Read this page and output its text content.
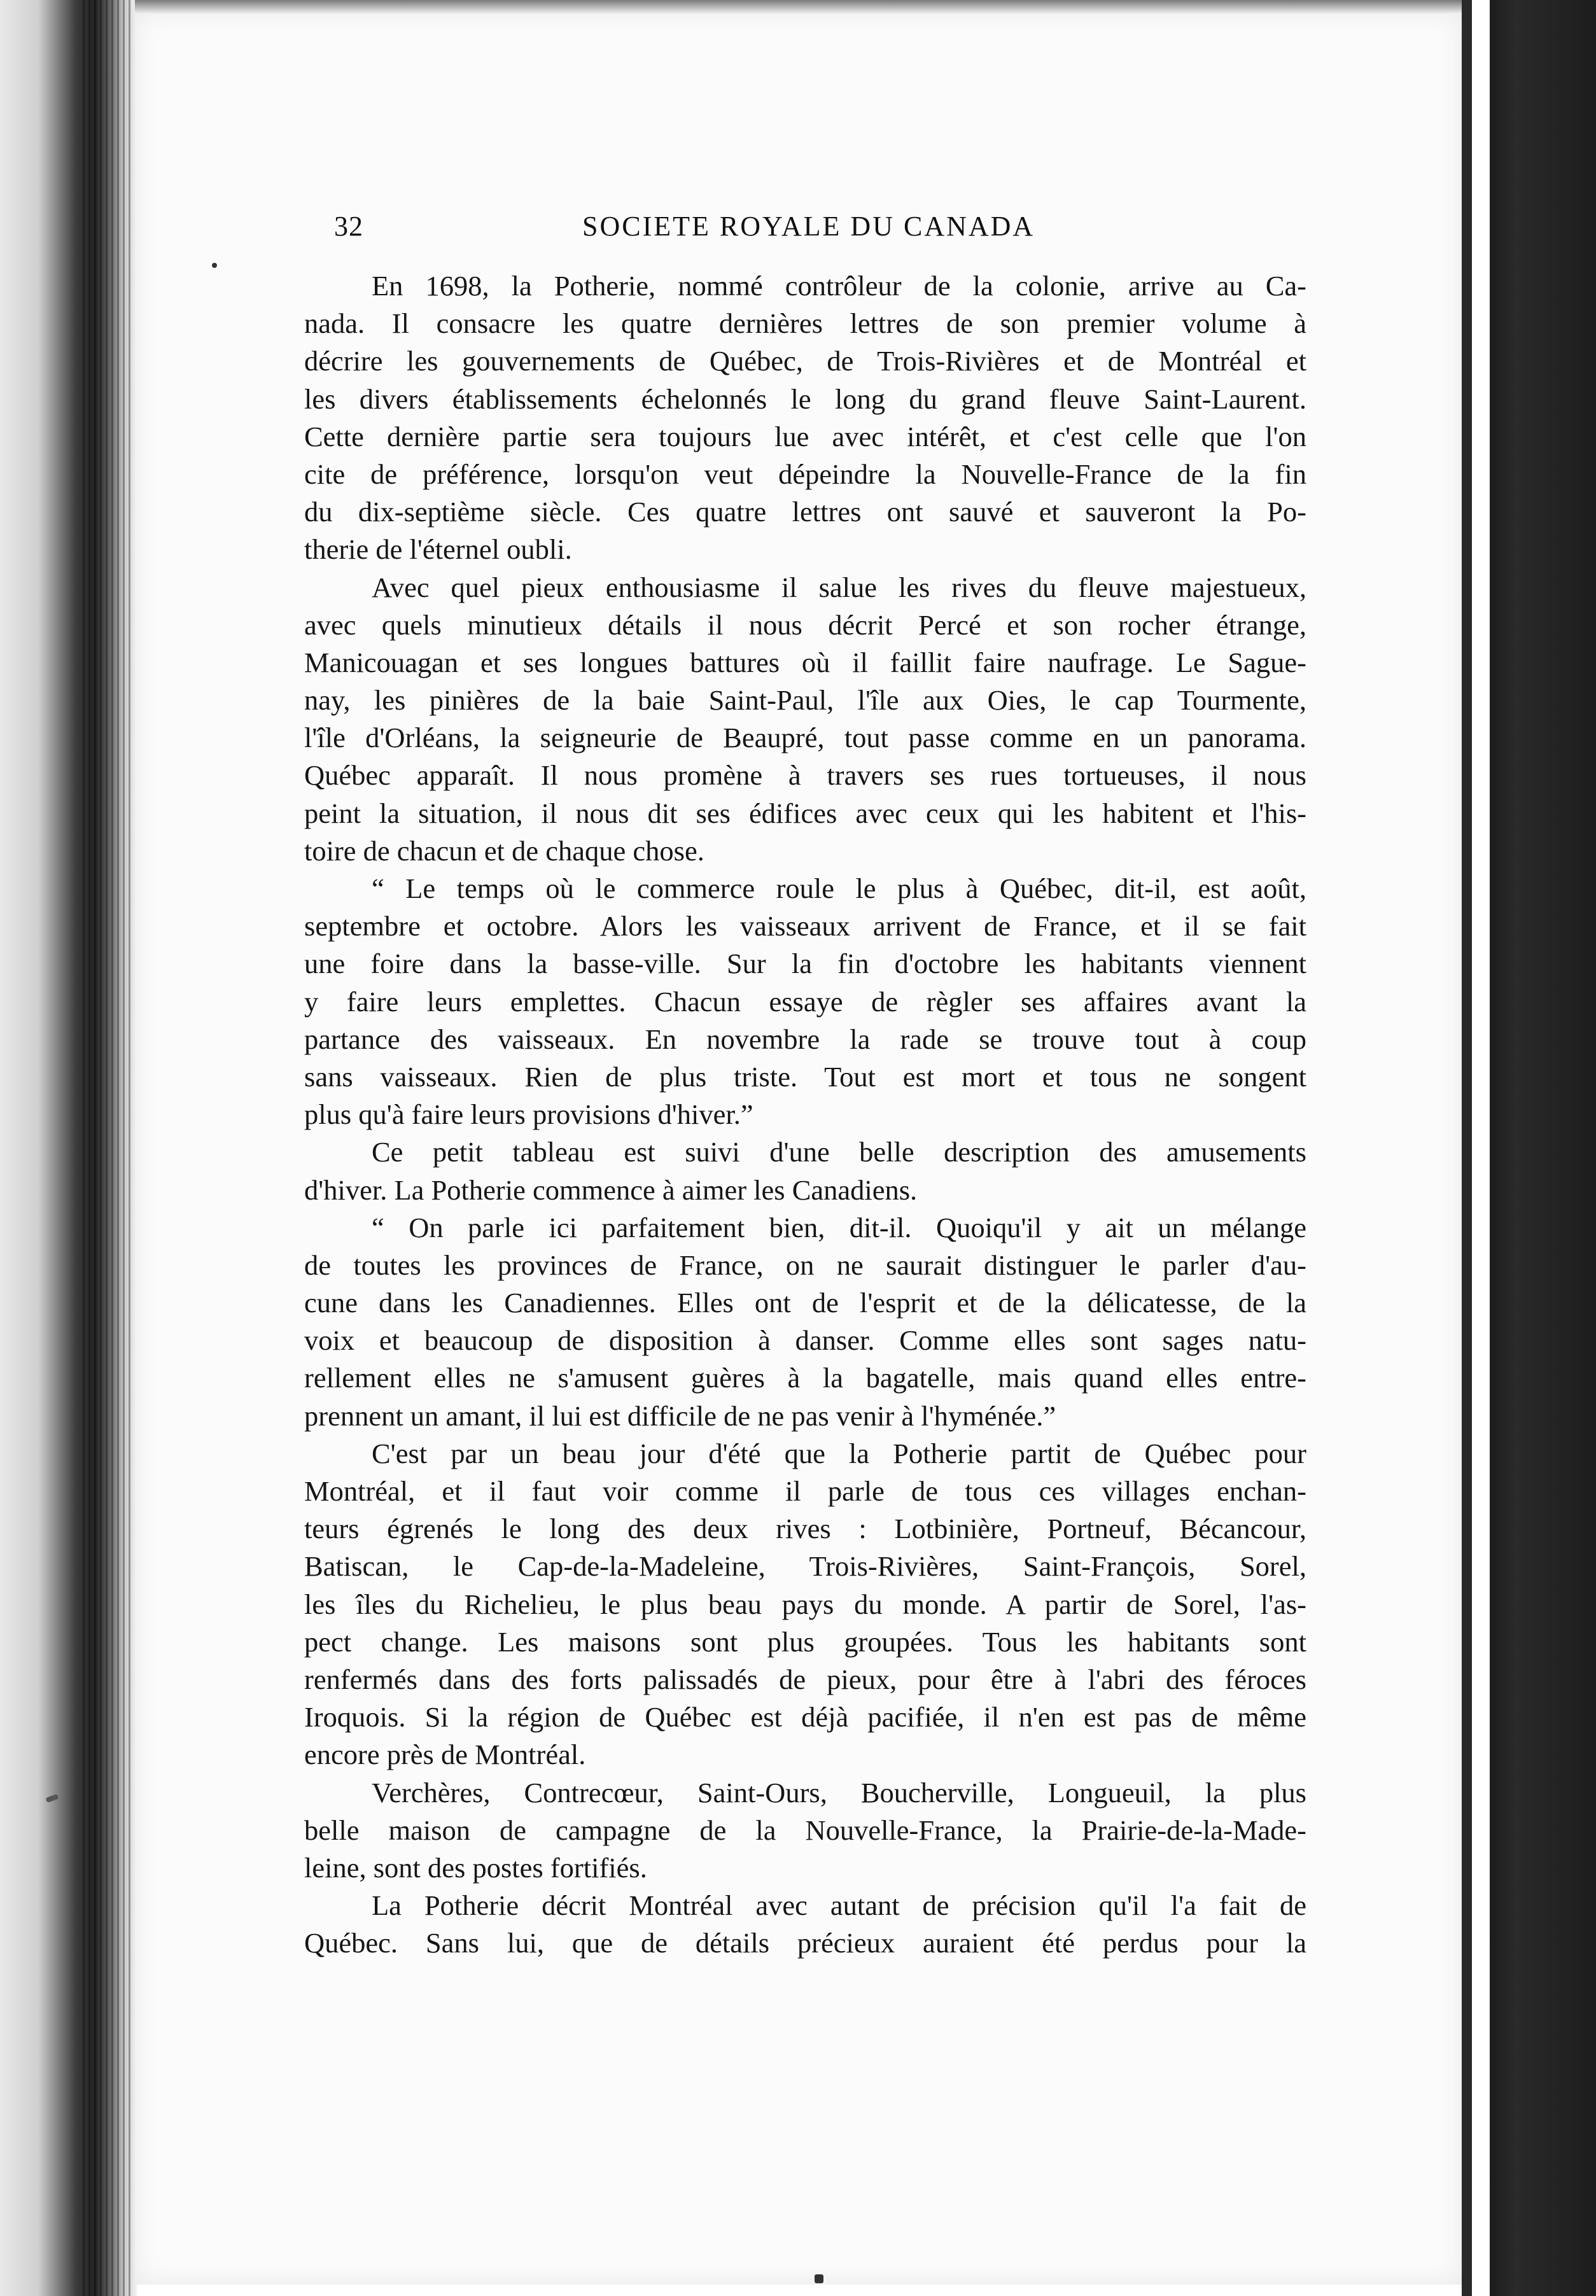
32	SOCIETE ROYALE DU CANADA
En 1698, la Potherie, nommé contrôleur de la colonie, arrive au Ca-
nada. Il consacre les quatre dernières lettres de son premier volume à
décrire les gouvernements de Québec, de Trois-Rivières et de Montréal et
les divers établissements échelonnés le long du grand fleuve Saint-Laurent.
Cette dernière partie sera toujours lue avec intérêt, et c'est celle que l'on
cite de préférence, lorsqu'on veut dépeindre la Nouvelle-France de la fin
du dix-septième siècle. Ces quatre lettres ont sauvé et sauveront la Po-
therie de l'éternel oubli.
Avec quel pieux enthousiasme il salue les rives du fleuve majestueux,
avec quels minutieux détails il nous décrit Percé et son rocher étrange,
Manicouagan et ses longues battures où il faillit faire naufrage. Le Sague-
nay, les pinières de la baie Saint-Paul, l'île aux Oies, le cap Tourmente,
l'île d'Orléans, la seigneurie de Beaupré, tout passe comme en un panorama.
Québec apparaît. Il nous promène à travers ses rues tortueuses, il nous
peint la situation, il nous dit ses édifices avec ceux qui les habitent et l'his-
toire de chacun et de chaque chose.
“ Le temps où le commerce roule le plus à Québec, dit-il, est août,
septembre et octobre. Alors les vaisseaux arrivent de France, et il se fait
une foire dans la basse-ville. Sur la fin d'octobre les habitants viennent
y faire leurs emplettes. Chacun essaye de règler ses affaires avant la
partance des vaisseaux. En novembre la rade se trouve tout à coup
sans vaisseaux. Rien de plus triste. Tout est mort et tous ne songent
plus qu'à faire leurs provisions d'hiver.”
Ce petit tableau est suivi d'une belle description des amusements
d'hiver. La Potherie commence à aimer les Canadiens.
“ On parle ici parfaitement bien, dit-il. Quoiqu'il y ait un mélange
de toutes les provinces de France, on ne saurait distinguer le parler d'au-
cune dans les Canadiennes. Elles ont de l'esprit et de la délicatesse, de la
voix et beaucoup de disposition à danser. Comme elles sont sages natu-
rellement elles ne s'amusent guères à la bagatelle, mais quand elles entre-
prennent un amant, il lui est difficile de ne pas venir à l'hyménée.”
C'est par un beau jour d'été que la Potherie partit de Québec pour
Montréal, et il faut voir comme il parle de tous ces villages enchan-
teurs égrenés le long des deux rives : Lotbinière, Portneuf, Bécancour,
Batiscan, le Cap-de-la-Madeleine, Trois-Rivières, Saint-François, Sorel,
les îles du Richelieu, le plus beau pays du monde. A partir de Sorel, l'as-
pect change. Les maisons sont plus groupées. Tous les habitants sont
renfermés dans des forts palissadés de pieux, pour être à l'abri des féroces
Iroquois. Si la région de Québec est déjà pacifiée, il n'en est pas de même
encore près de Montréal.
Verchères, Contrecœur, Saint-Ours, Boucherville, Longueuil, la plus
belle maison de campagne de la Nouvelle-France, la Prairie-de-la-Made-
leine, sont des postes fortifiés.
La Potherie décrit Montréal avec autant de précision qu'il l'a fait de
Québec. Sans lui, que de détails précieux auraient été perdus pour la
